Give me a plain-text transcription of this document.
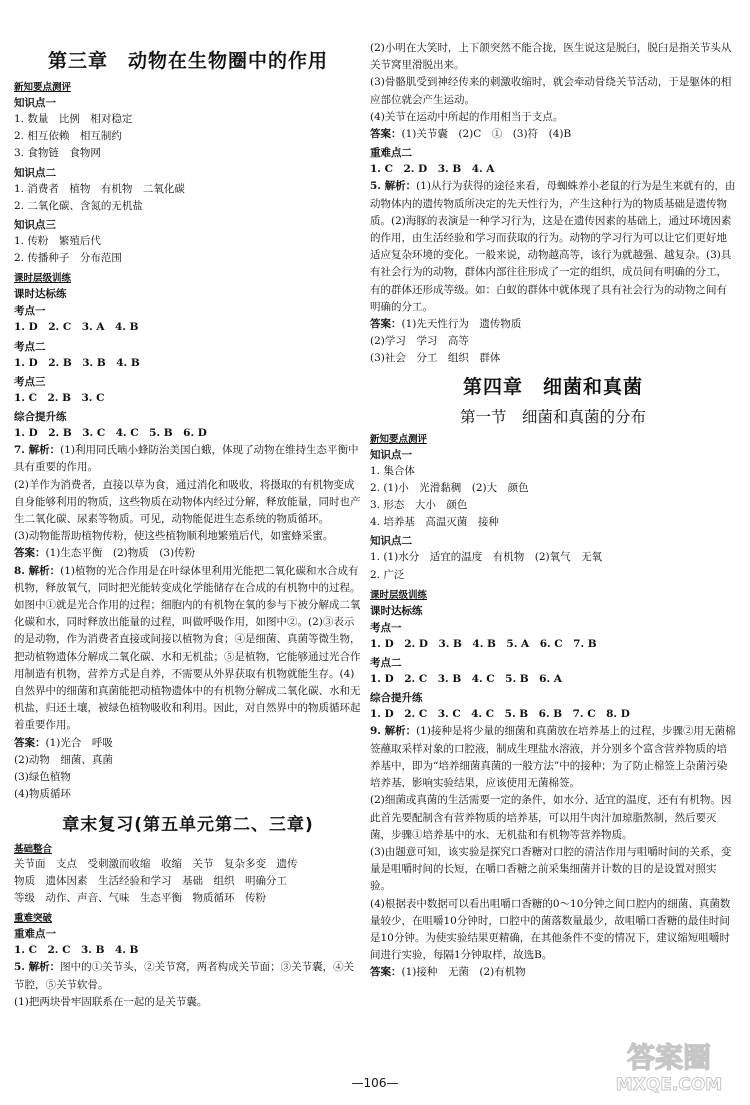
第三章　动物在生物圈中的作用
新知要点测评
知识点一
1. 数量　比例　相对稳定
2. 相互依赖　相互制约
3. 食物链　食物网
知识点二
1. 消费者　植物　有机物　二氧化碳
2. 二氧化碳、含氮的无机盐
知识点三
1. 传粉　繁殖后代
2. 传播种子　分布范围
课时层级训练
课时达标练
考点一
1. D　2. C　3. A　4. B
考点二
1. D　2. B　3. B　4. B
考点三
1. C　2. B　3. C
综合提升练
1. D　2. B　3. C　4. C　5. B　6. D
7. 解析：(1)利用同氏啮小蜂防治美国白蛾，体现了动物在维持生态平衡中具有重要的作用。
(2)羊作为消费者，直接以草为食，通过消化和吸收，将摄取的有机物变成自身能够利用的物质，这些物质在动物体内经过分解，释放能量，同时也产生二氧化碳、尿素等物质。可见，动物能促进生态系统的物质循环。
(3)动物能帮助植物传粉，使这些植物顺利地繁殖后代，如蜜蜂采蜜。
答案：(1)生态平衡　(2)物质　(3)传粉
8. 解析：(1)植物的光合作用是在叶绿体里利用光能把二氧化碳和水合成有机物，释放氧气，同时把光能转变成化学能储存在合成的有机物中的过程。如图中①就是光合作用的过程；细胞内的有机物在氧的参与下被分解成二氧化碳和水，同时释放出能量的过程，叫做呼吸作用，如图中②。(2)③表示的是动物，作为消费者直接或间接以植物为食；④是细菌、真菌等微生物，把动植物遗体分解成二氧化碳、水和无机盐；⑤是植物，它能够通过光合作用制造有机物，营养方式是自养，不需要从外界获取有机物就能生存。(4)自然界中的细菌和真菌能把动植物遗体中的有机物分解成二氧化碳、水和无机盐，归还土壤，被绿色植物吸收和利用。因此，对自然界中的物质循环起着重要作用。
答案：(1)光合　呼吸
(2)动物　细菌、真菌
(3)绿色植物
(4)物质循环
章末复习(第五单元第二、三章)
基础整合
关节面　支点　受刺激而收缩　收缩　关节　复杂多变　遗传
物质　遗体因素　生活经验和学习　基础　组织　明确分工
等级　动作、声音、气味　生态平衡　物质循环　传粉
重难突破
重难点一
1. C　2. C　3. B　4. B
5. 解析：图中的①关节头，②关节窝，两者构成关节面；③关节囊，④关节腔，⑤关节软骨。
(1)把两块骨牢固联系在一起的是关节囊。
(2)小明在大笑时，上下颌突然不能合拢，医生说这是脱臼，脱臼是指关节头从关节窝里滑脱出来。
(3)骨骼肌受到神经传来的刺激收缩时，就会牵动骨绕关节活动，于是躯体的相应部位就会产生运动。
(4)关节在运动中所起的作用相当于支点。
答案：(1)关节囊　(2)C　①　(3)符　(4)B
重难点二
1. C　2. D　3. B　4. A
5. 解析：(1)从行为获得的途径来看，母蜘蛛养小老鼠的行为是生来就有的，由动物体内的遗传物质所决定的先天性行为，产生这种行为的物质基础是遗传物质。(2)海豚的表演是一种学习行为，这是在遗传因素的基础上，通过环境因素的作用，由生活经验和学习而获取的行为。动物的学习行为可以让它们更好地适应复杂环境的变化。一般来说，动物越高等，该行为就越强、越复杂。(3)具有社会行为的动物，群体内部往往形成了一定的组织，成员间有明确的分工，有的群体还形成等级。如：白蚁的群体中就体现了具有社会行为的动物之间有明确的分工。
答案：(1)先天性行为　遗传物质
(2)学习　学习　高等
(3)社会　分工　组织　群体
第四章　细菌和真菌
第一节　细菌和真菌的分布
新知要点测评
知识点一
1. 集合体
2. (1)小　光滑黏稠　(2)大　颜色
3. 形态　大小　颜色
4. 培养基　高温灭菌　接种
知识点二
1. (1)水分　适宜的温度　有机物　(2)氧气　无氧
2. 广泛
课时层级训练
课时达标练
考点一
1. D　2. D　3. B　4. B　5. A　6. C　7. B
考点二
1. D　2. C　3. B　4. C　5. B　6. A
综合提升练
1. D　2. C　3. C　4. C　5. B　6. B　7. C　8. D
9. 解析：(1)接种是将少量的细菌和真菌放在培养基上的过程，步骤②用无菌棉签蘸取采样对象的口腔液，制成生理盐水溶液，并分别多个富含营养物质的培养基中，即为“培养细菌真菌的一般方法”中的接种；为了防止棉签上杂菌污染培养基，影响实验结果，应该使用无菌棉签。
(2)细菌或真菌的生活需要一定的条件，如水分、适宜的温度，还有有机物。因此首先要配制含有营养物质的培养基，可以用牛肉汁加琼脂熬制，然后要灭菌，步骤①培养基中的水、无机盐和有机物等营养物质。
(3)由题意可知，该实验是探究口香糖对口腔的清洁作用与咀嚼时间的关系，变量是咀嚼时间的长短，在嚼口香糖之前采集细菌并计数的目的是设置对照实验。
(4)根据表中数据可以看出咀嚼口香糖的0～10分钟之间口腔内的细菌、真菌数量较少，在咀嚼10分钟时，口腔中的菌落数量最少，故咀嚼口香糖的最佳时间是10分钟。为使实验结果更精确，在其他条件不变的情况下，建议缩短咀嚼时间进行实验，每隔1分钟取样，故选B。
答案：(1)接种　无菌　(2)有机物
—106—
答案圈
MXQE.COM
